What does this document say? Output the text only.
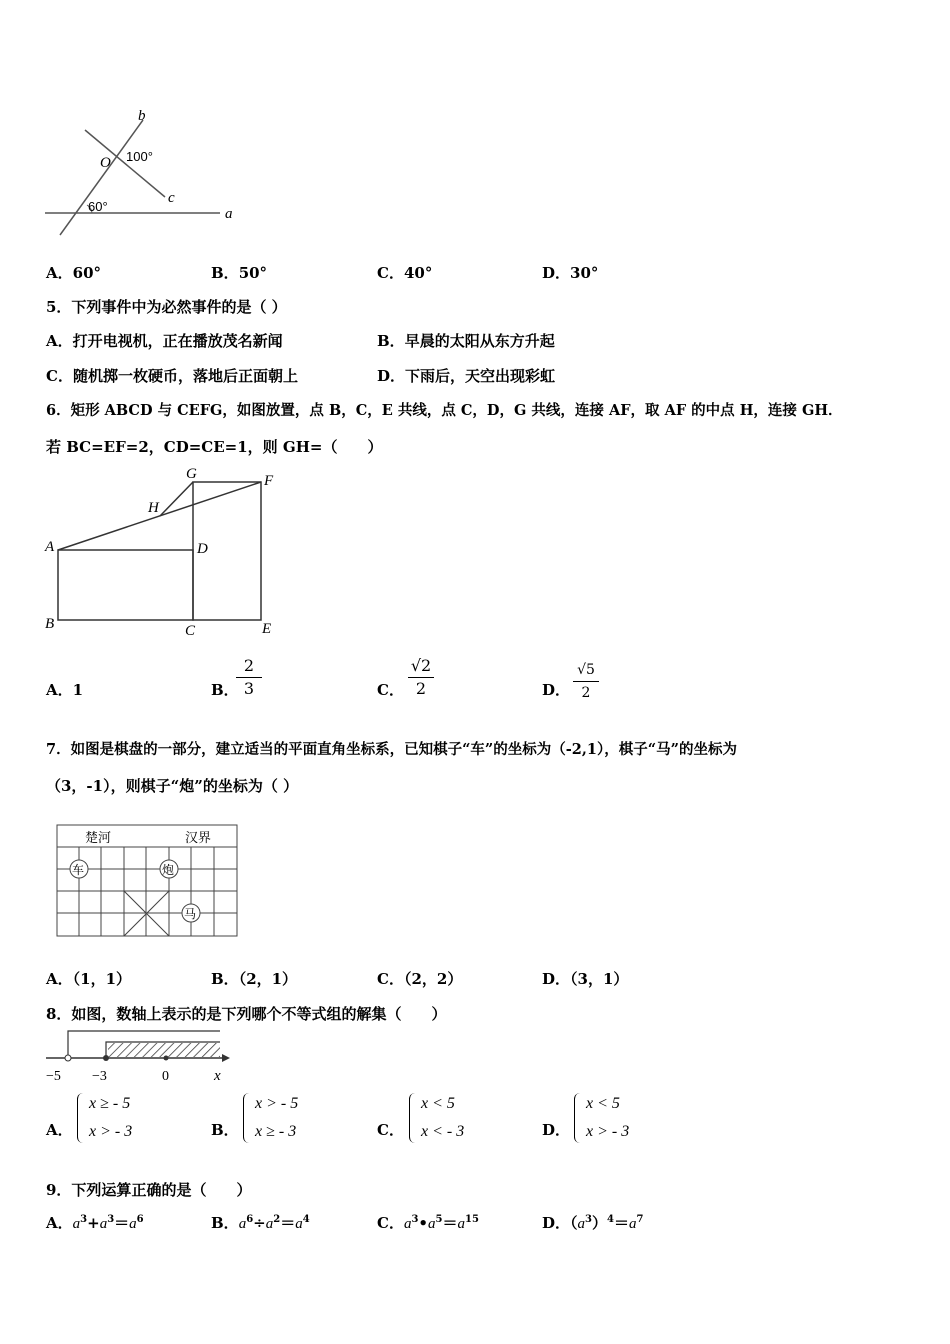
b
O 100°
c
60°	a
A．60°	B．50°	C．40°	D．30°
5．下列事件中为必然事件的是（ ）
A．打开电视机，正在播放茂名新闻	B．早晨的太阳从东方升起
C．随机掷一枚硬币，落地后正面朝上	D．下雨后，天空出现彩虹
6．矩形 ABCD 与 CEFG，如图放置，点 B，C，E 共线，点 C，D，G 共线，连接 AF，取 AF 的中点 H，连接 GH．
若 BC=EF=2，CD=CE=1，则 GH=（　　）
G	F
H
A	D
B	C	E
A．1	B．
2
3	C．
√2
2	D．
√5
2
7．如图是棋盘的一部分，建立适当的平面直角坐标系，已知棋子“车”的坐标为（-2,1），棋子“马”的坐标为
（3，-1），则棋子“炮”的坐标为（ ）
楚河	汉界
车	炮
马
A．（1，1）	B．（2，1）	C．（2，2）	D．（3，1）
8．如图，数轴上表示的是下列哪个不等式组的解集（　　）
−5 −3	0	x
A．
x ≥ - 5
x > - 3	B．
x > - 5
x ≥ - 3	C．
x < 5
x < - 3	D．
x < 5
x > - 3
9．下列运算正确的是（　　）
A．$a^3+a^3=a^6$	B．$a^6\div a^2=a^4$	C．$a^3•a^5=a^{15}$	D．$(a^3)^4=a^7$
